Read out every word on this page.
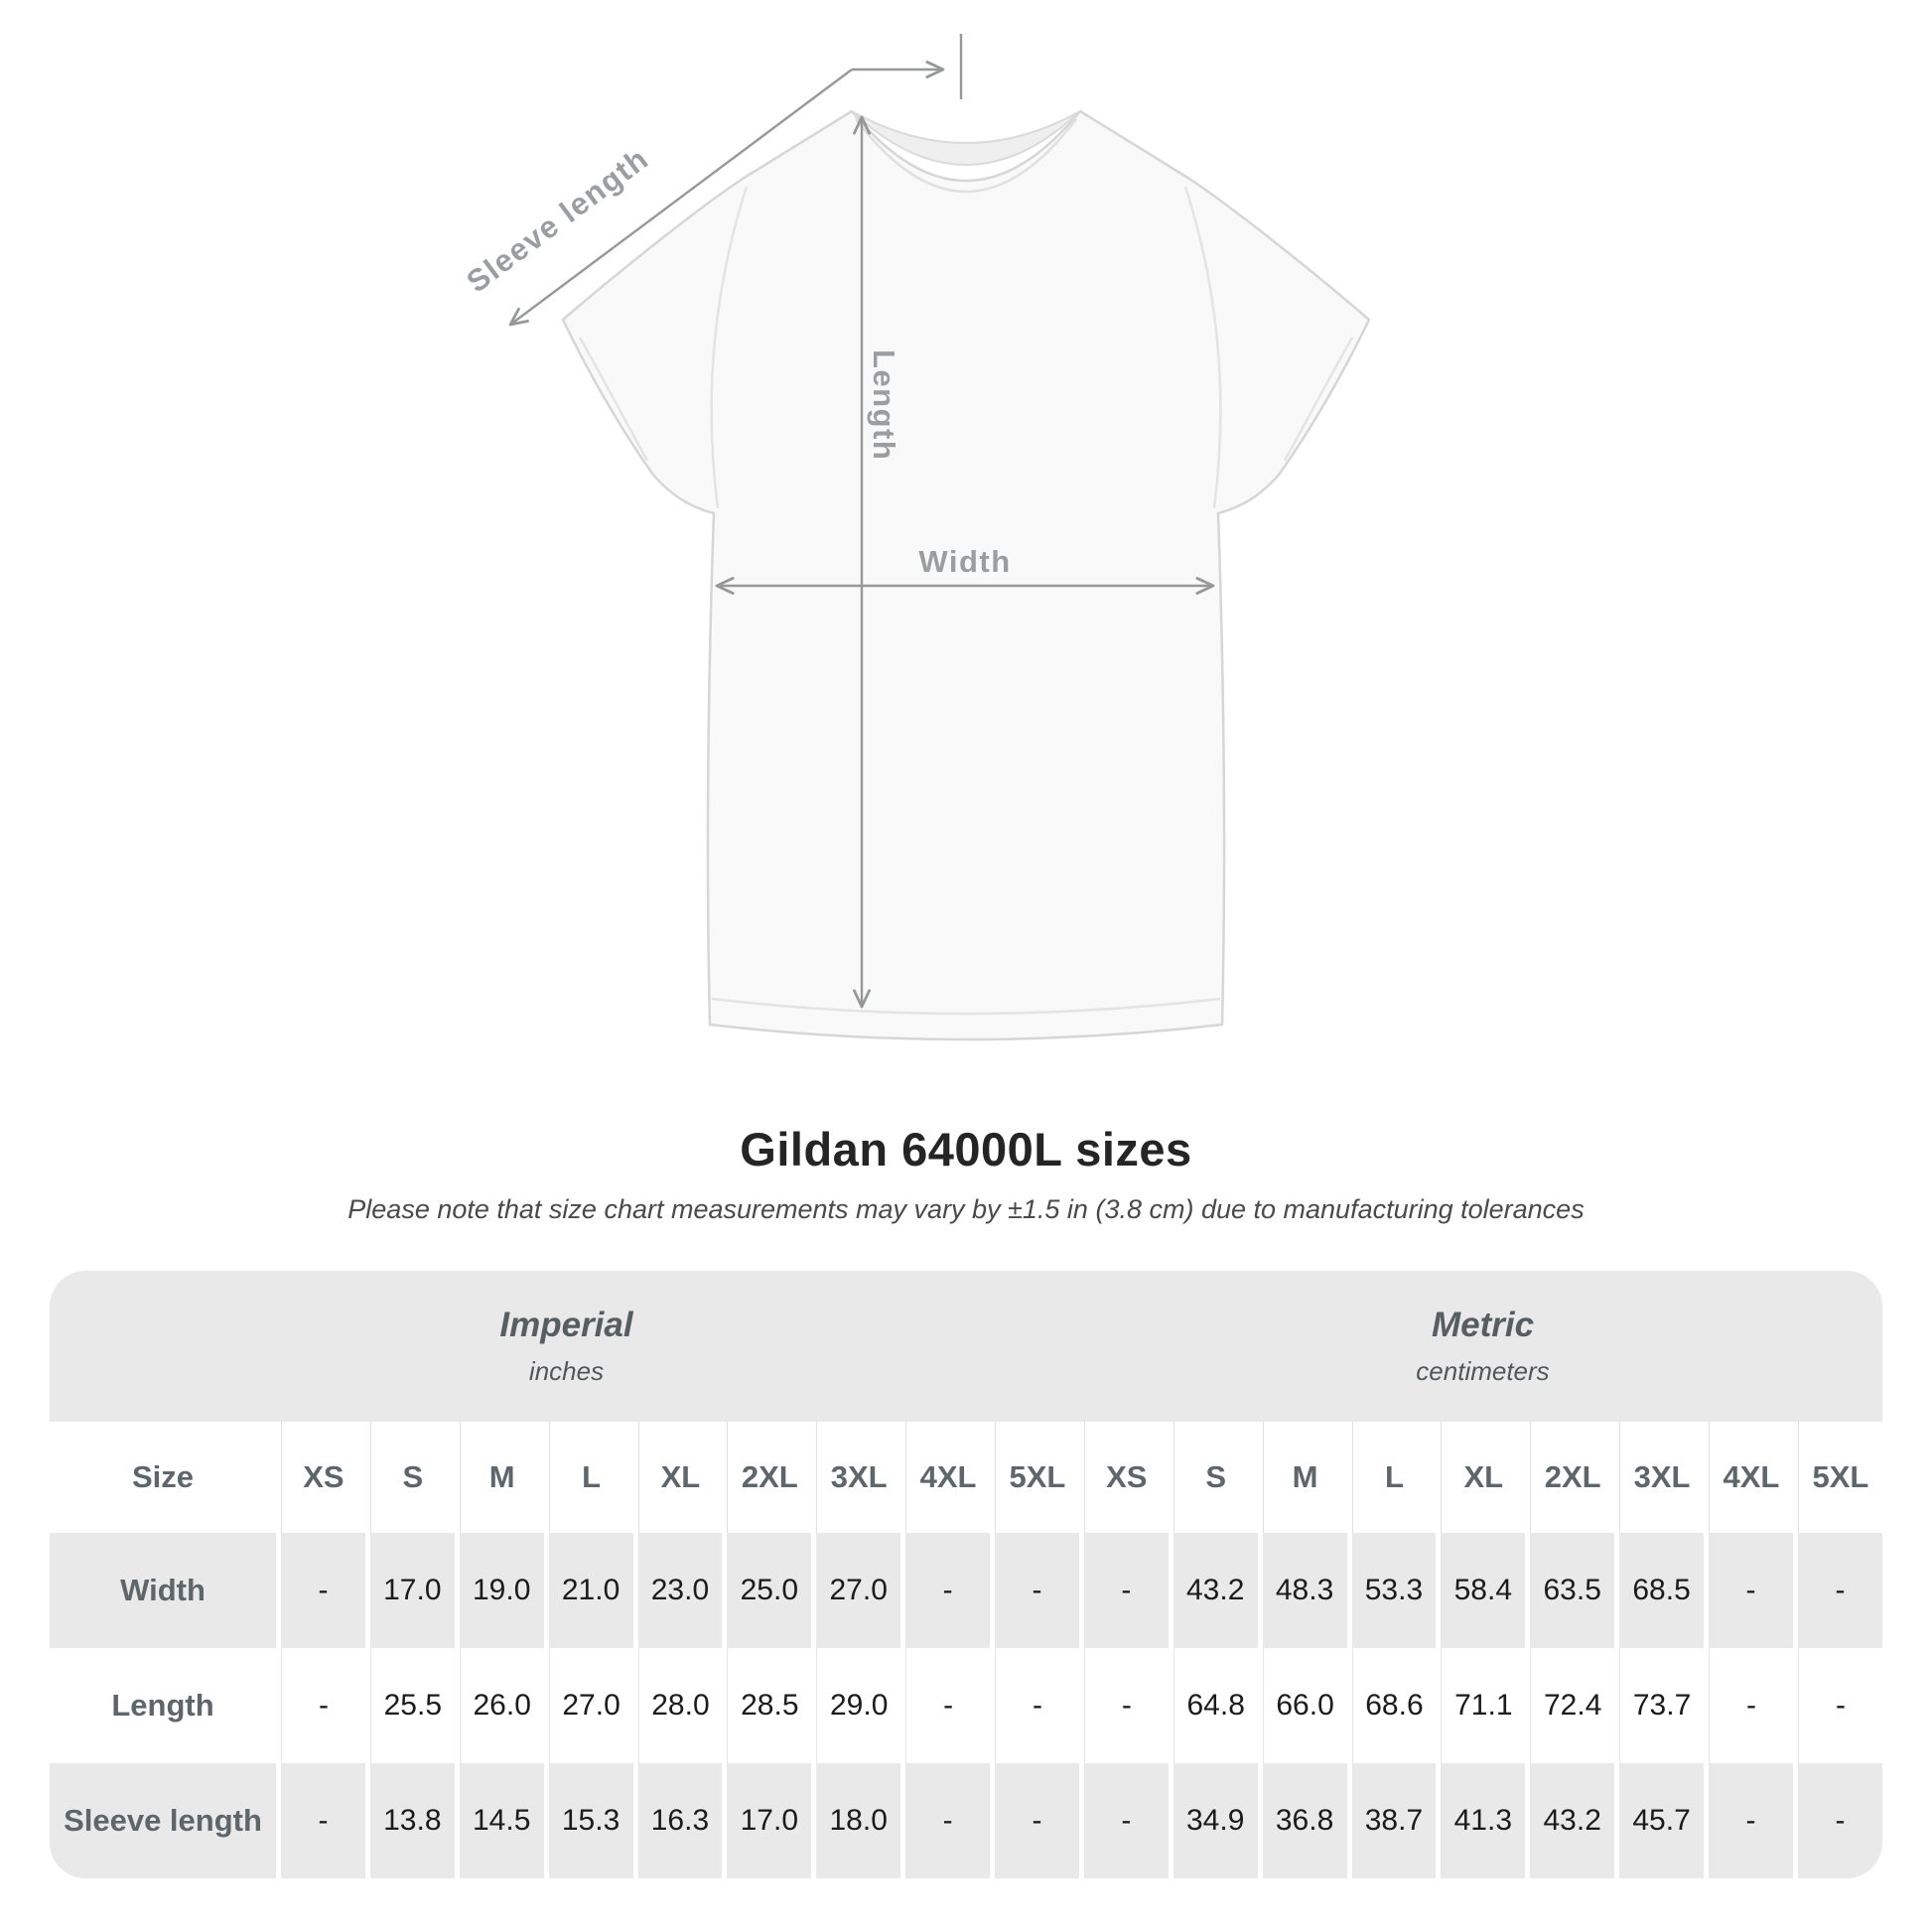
Sleeve length
Length
Width
Gildan 64000L sizes

Please note that size chart measurements may vary by ±1.5 in (3.8 cm) due to manufacturing tolerances

Imperial
inches
Metric
centimeters
Size	XS	S	M	L	XL	2XL	3XL	4XL	5XL	XS	S	M	L	XL	2XL	3XL	4XL	5XL
Width	-	17.0	19.0	21.0	23.0	25.0	27.0	-	-	-	43.2	48.3	53.3	58.4	63.5	68.5	-	-
Length	-	25.5	26.0	27.0	28.0	28.5	29.0	-	-	-	64.8	66.0	68.6	71.1	72.4	73.7	-	-
Sleeve length	-	13.8	14.5	15.3	16.3	17.0	18.0	-	-	-	34.9	36.8	38.7	41.3	43.2	45.7	-	-
